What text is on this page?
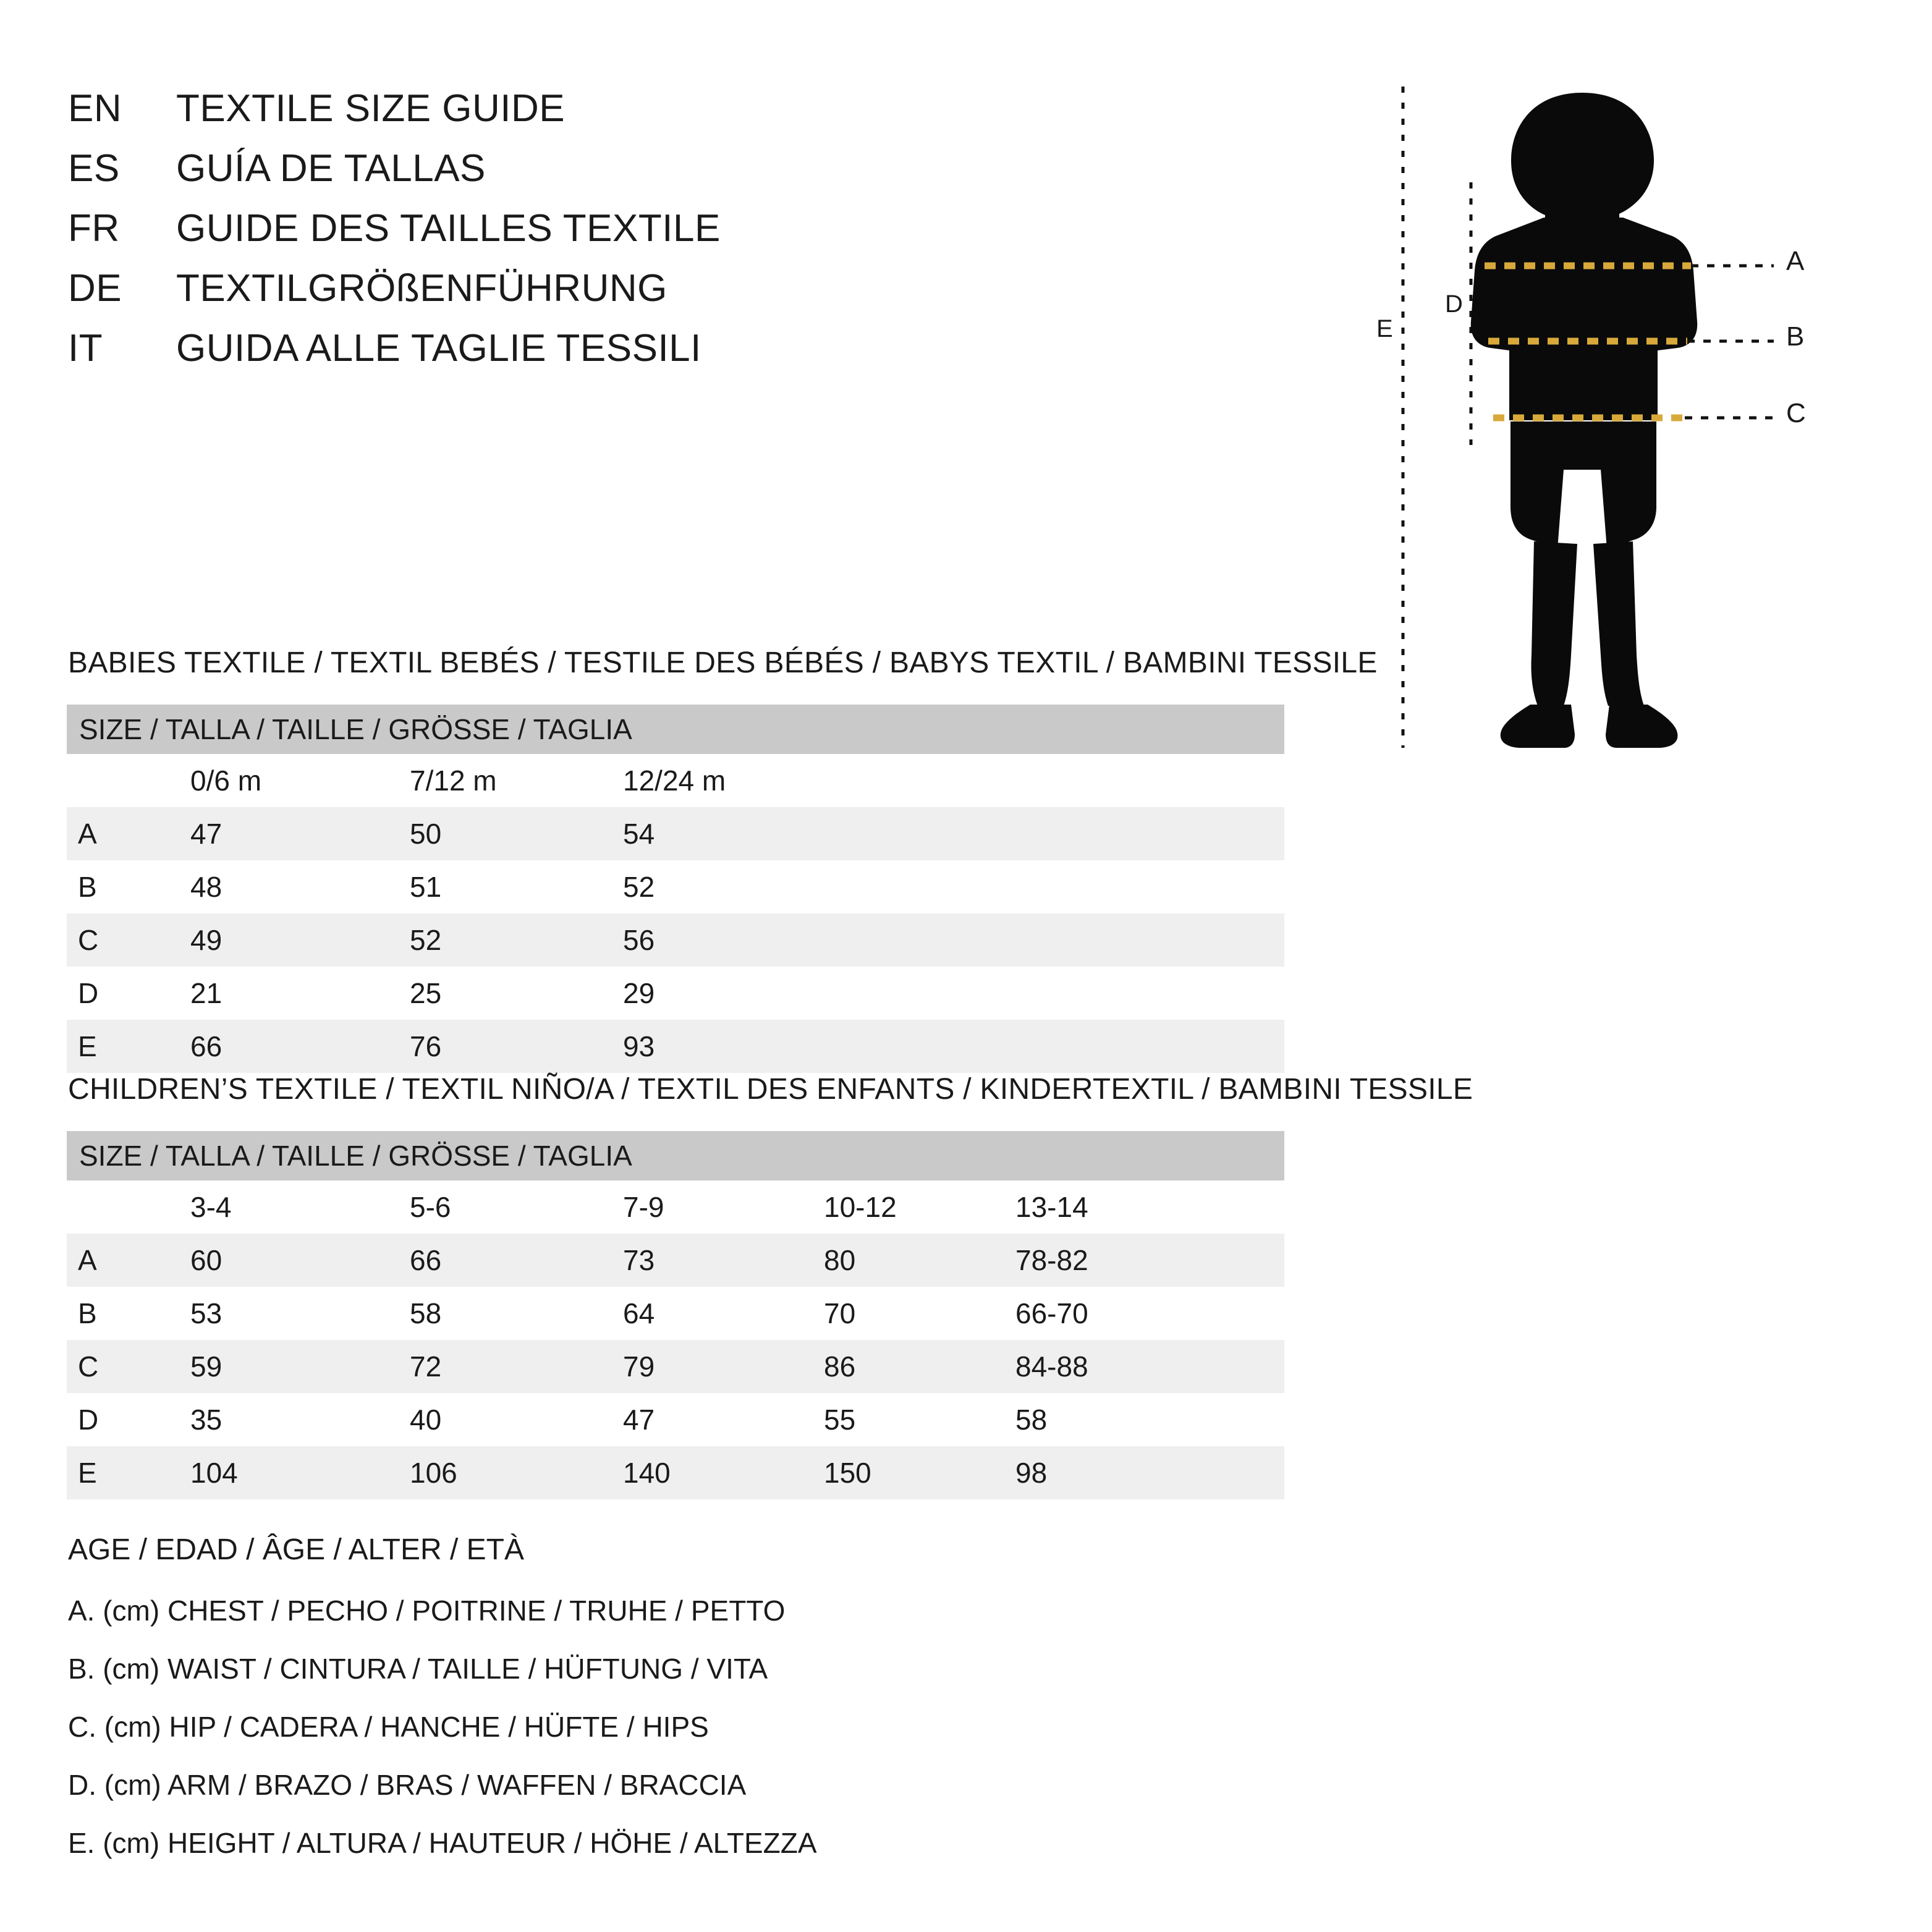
EN	TEXTILE SIZE GUIDE
ES	GUÍA DE TALLAS
FR	GUIDE DES TAILLES TEXTILE
DE	TEXTILGRÖßENFÜHRUNG
IT	GUIDA ALLE TAGLIE TESSILI
A
B
C
D
E
BABIES TEXTILE / TEXTIL BEBÉS / TESTILE DES BÉBÉS / BABYS TEXTIL / BAMBINI TESSILE
SIZE / TALLA / TAILLE / GRÖSSE / TAGLIA			
	0/6 m	7/12 m	12/24 m
A	47	50	54
B	48	51	52
C	49	52	56
D	21	25	29
E	66	76	93
CHILDREN’S TEXTILE / TEXTIL NIÑO/A / TEXTIL DES ENFANTS / KINDERTEXTIL / BAMBINI TESSILE
SIZE / TALLA / TAILLE / GRÖSSE / TAGLIA					
	3-4	5-6	7-9	10-12	13-14
A	60	66	73	80	78-82
B	53	58	64	70	66-70
C	59	72	79	86	84-88
D	35	40	47	55	58
E	104	106	140	150	98
AGE / EDAD / ÂGE / ALTER / ETÀ
A. (cm) CHEST / PECHO / POITRINE / TRUHE / PETTO
B. (cm) WAIST / CINTURA / TAILLE / HÜFTUNG / VITA
C. (cm) HIP / CADERA / HANCHE / HÜFTE / HIPS
D. (cm) ARM / BRAZO / BRAS / WAFFEN / BRACCIA
E. (cm) HEIGHT / ALTURA / HAUTEUR / HÖHE / ALTEZZA
